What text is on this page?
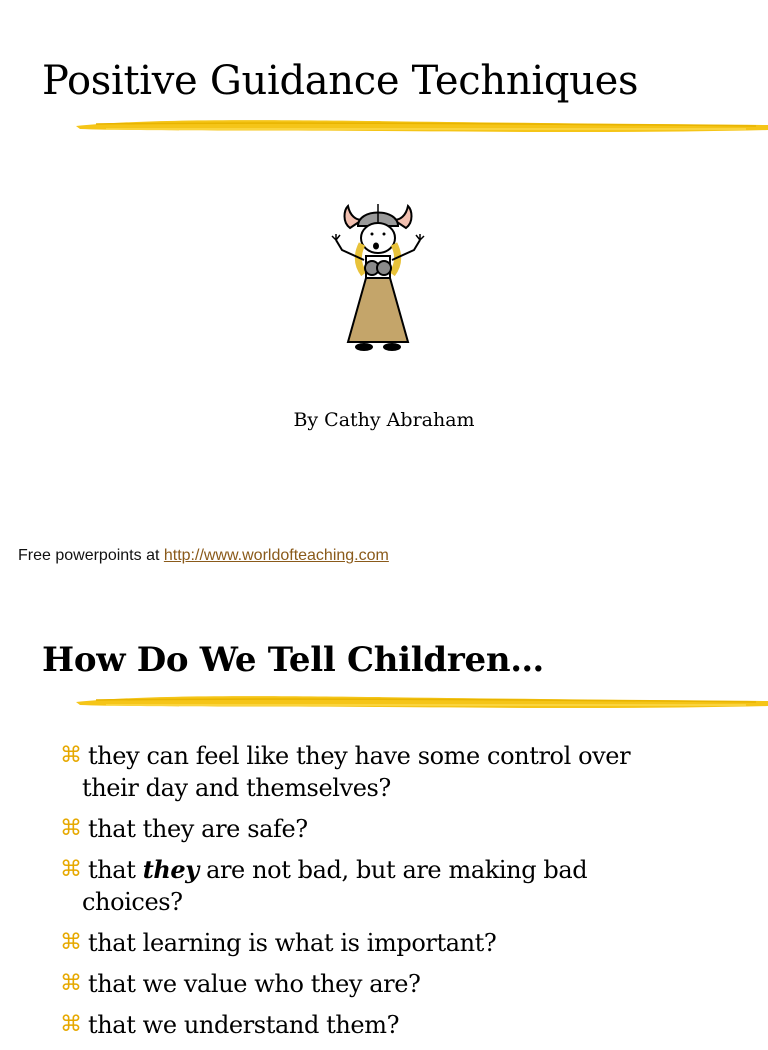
Positive Guidance Techniques
By Cathy Abraham
Free powerpoints at http://www.worldofteaching.com
How Do We Tell Children…
⌘ they can feel like they have some control over
their day and themselves?
⌘ that they are safe?
⌘ that they are not bad, but are making bad
choices?
⌘ that learning is what is important?
⌘ that we value who they are?
⌘ that we understand them?
